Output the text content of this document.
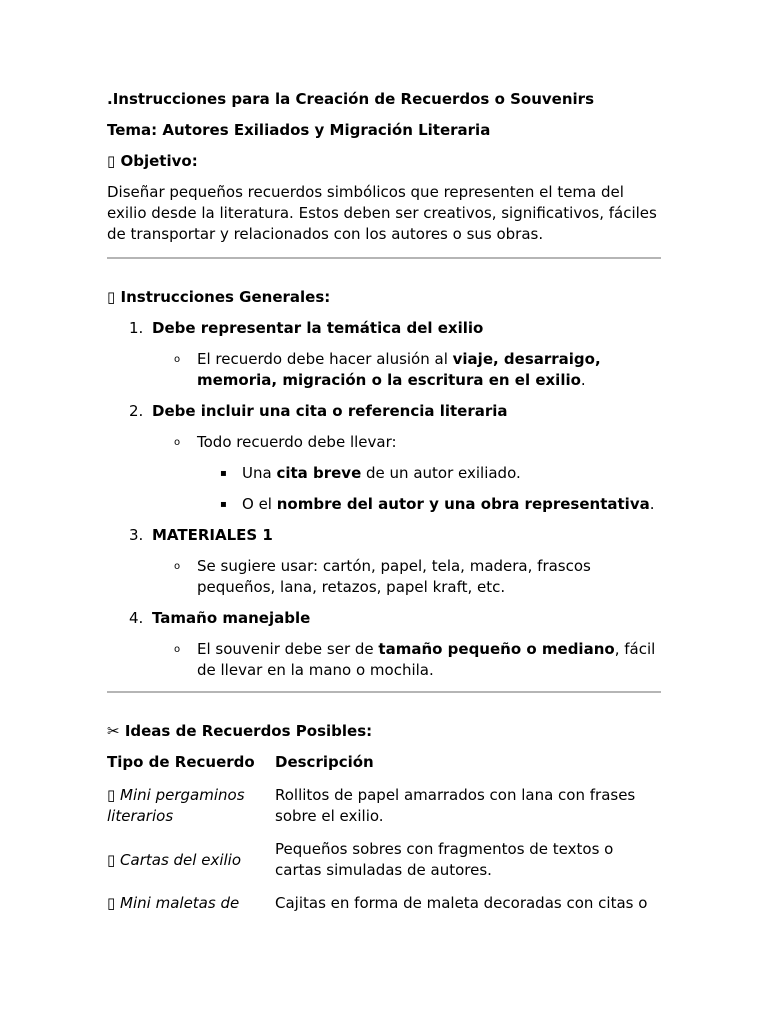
.Instrucciones para la Creación de Recuerdos o Souvenirs

Tema: Autores Exiliados y Migración Literaria

▯ Objetivo:

Diseñar pequeños recuerdos simbólicos que representen el tema del exilio desde la literatura. Estos deben ser creativos, significativos, fáciles de transportar y relacionados con los autores o sus obras.

▯ Instrucciones Generales:

1. Debe representar la temática del exilio
o El recuerdo debe hacer alusión al viaje, desarraigo, memoria, migración o la escritura en el exilio.
2. Debe incluir una cita o referencia literaria
o Todo recuerdo debe llevar:
▪ Una cita breve de un autor exiliado.
▪ O el nombre del autor y una obra representativa.
3. MATERIALES 1
o Se sugiere usar: cartón, papel, tela, madera, frascos pequeños, lana, retazos, papel kraft, etc.
4. Tamaño manejable
o El souvenir debe ser de tamaño pequeño o mediano, fácil de llevar en la mano o mochila.

✂ Ideas de Recuerdos Posibles:

Tipo de Recuerdo	Descripción
▯ Mini pergaminos literarios	Rollitos de papel amarrados con lana con frases sobre el exilio.
▯ Cartas del exilio	Pequeños sobres con fragmentos de textos o cartas simuladas de autores.
▯ Mini maletas de	Cajitas en forma de maleta decoradas con citas o
